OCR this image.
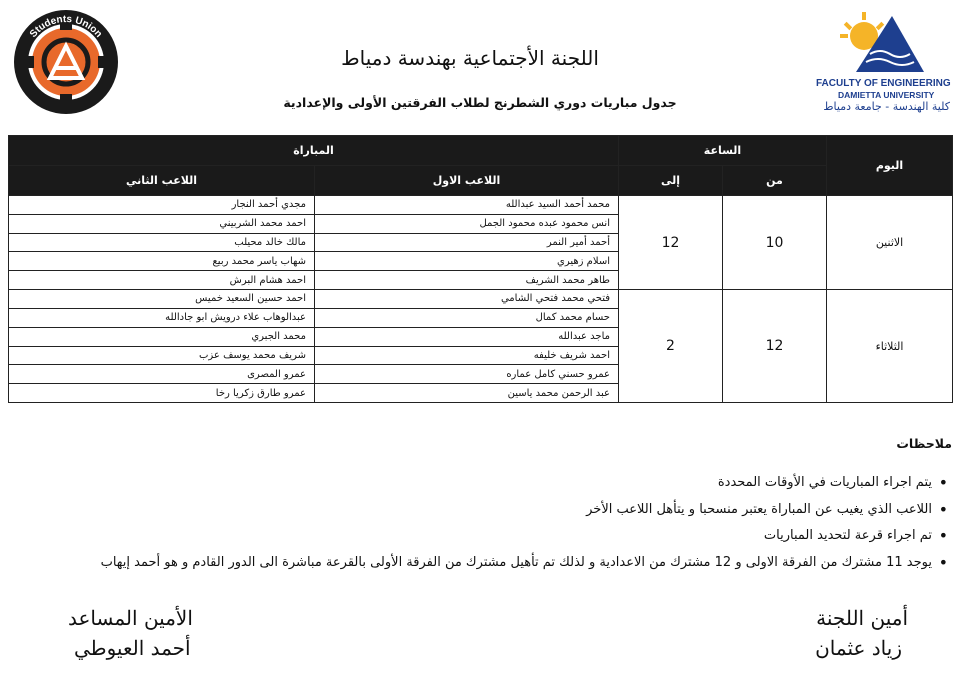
Students Union
FACULTY OF ENGINEERING
DAMIETTA UNIVERSITY
كلية الهندسة - جامعة دمياط
اللجنة الأجتماعية بهندسة دمياط
جدول مباريات دوري الشطرنج لطلاب الفرقتين الأولى والإعدادية
اليوم	الساعة		المباراة	
	من	إلى	اللاعب الاول	اللاعب الثاني
الاثنين	10	12	محمد أحمد السيد عبدالله	مجدي أحمد النجار
			انس محمود عبده محمود الجمل	احمد محمد الشربيني
			أحمد أمير النمر	مالك خالد محيلب
			اسلام زهيري	شهاب ياسر محمد ربيع
			طاهر محمد الشريف	احمد هشام البرش
الثلاثاء	12	2	فتحي محمد فتحي الشامي	احمد حسين السعيد خميس
			حسام محمد كمال	عبدالوهاب علاء درويش ابو جادالله
			ماجد عبدالله	محمد الجبري
			احمد شريف خليفه	شريف محمد يوسف عزب
			عمرو حسني كامل عماره	عمرو المصرى
			عبد الرحمن محمد ياسين	عمرو طارق زكريا رخا
ملاحظات
• يتم اجراء المباريات في الأوقات المحددة
• اللاعب الذي يغيب عن المباراة يعتبر منسحبا و يتأهل اللاعب الأخر
• تم اجراء قرعة لتحديد المباريات
• يوجد 11 مشترك من الفرقة الاولى و 12 مشترك من الاعدادية و لذلك تم تأهيل مشترك من الفرقة الأولى بالقرعة مباشرة الى الدور القادم و هو أحمد إيهاب
أمين اللجنة
زياد عثمان
الأمين المساعد
أحمد العيوطي
